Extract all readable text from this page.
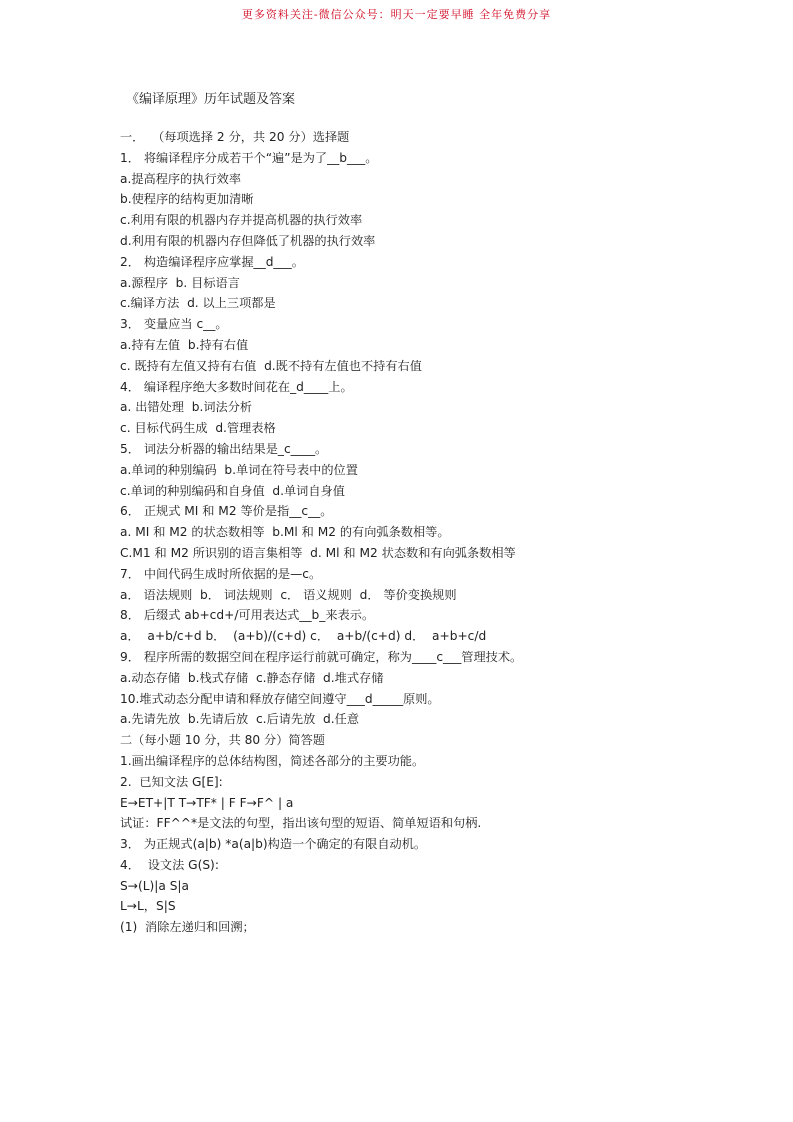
更多资料关注-微信公众号：明天一定要早睡 全年免费分享
《编译原理》历年试题及答案
一．  （每项选择 2 分，共 20 分）选择题
1． 将编译程序分成若干个“遍”是为了__b___。
a.提高程序的执行效率
b.使程序的结构更加清晰
c.利用有限的机器内存并提高机器的执行效率
d.利用有限的机器内存但降低了机器的执行效率
2． 构造编译程序应掌握__d___。
a.源程序  b. 目标语言
c.编译方法  d. 以上三项都是
3． 变量应当 c__。
a.持有左值  b.持有右值
c. 既持有左值又持有右值  d.既不持有左值也不持有右值
4． 编译程序绝大多数时间花在_d____上。
a. 出错处理  b.词法分析
c. 目标代码生成  d.管理表格
5． 词法分析器的输出结果是_c____。
a.单词的种别编码  b.单词在符号表中的位置
c.单词的种别编码和自身值  d.单词自身值
6． 正规式 MI 和 M2 等价是指__c__。
a. MI 和 M2 的状态数相等  b.Ml 和 M2 的有向弧条数相等。
C.M1 和 M2 所识别的语言集相等  d. Ml 和 M2 状态数和有向弧条数相等
7． 中间代码生成时所依据的是—c。
a． 语法规则  b． 词法规则  c． 语义规则  d． 等价变换规则
8． 后缀式 ab+cd+/可用表达式__b_来表示。
a．  a+b/c+d b．  (a+b)/(c+d) c．  a+b/(c+d) d．  a+b+c/d
9． 程序所需的数据空间在程序运行前就可确定，称为____c___管理技术。
a.动态存储  b.栈式存储  c.静态存储  d.堆式存储
10.堆式动态分配申请和释放存储空间遵守___d_____原则。
a.先请先放  b.先请后放  c.后请先放  d.任意
二（每小题 10 分，共 80 分）简答题
1.画出编译程序的总体结构图，简述各部分的主要功能。
2.  已知文法 G[E]:
E→ET+|T T→TF* | F F→F^ | a
试证：FF^^*是文法的句型，指出该句型的短语、简单短语和句柄.
3． 为正规式(a|b) *a(a|b)构造一个确定的有限自动机。
4．  设文法 G(S):
S→(L)|a S|a
L→L，S|S
(1)  消除左递归和回溯；
